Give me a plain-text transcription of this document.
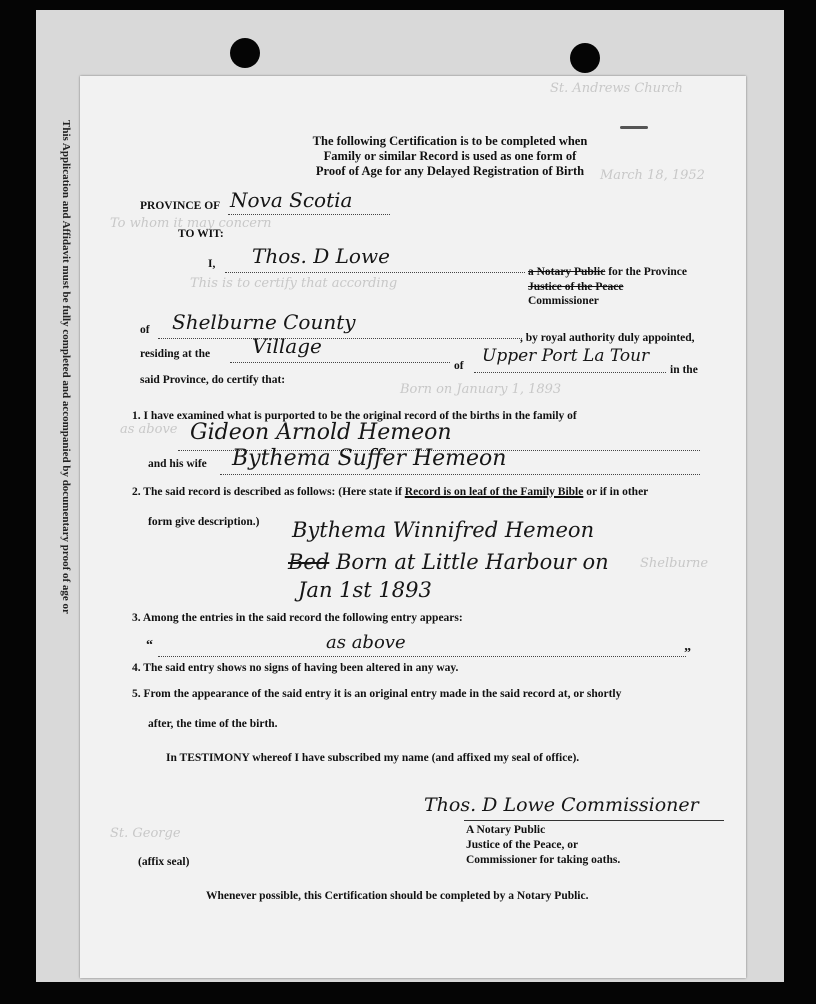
This Application and Affidavit must be fully completed and accompanied by documentary proof of age or
St. Andrews Church
March 18, 1952
To whom it may concern
This is to certify that according
Born on January 1, 1893
as above
St. George
Shelburne
The following Certification is to be completed when
Family or similar Record is used as one form of
Proof of Age for any Delayed Registration of Birth
PROVINCE OF Nova Scotia
TO WIT:
I, Thos. D Lowe
a Notary Public for the Province
Justice of the Peace
Commissioner
of Shelburne County
, by royal authority duly appointed,
residing at the Village
of Upper Port La Tour
in the
said Province, do certify that:
1. I have examined what is purported to be the original record of the births in the family of
Gideon Arnold Hemeon
and his wife Bythema Suffer Hemeon
2. The said record is described as follows: (Here state if Record is on leaf of the Family Bible or if in other
form give description.) Bythema Winnifred Hemeon
Bed Born at Little Harbour on
Jan 1st 1893
3. Among the entries in the said record the following entry appears:
“	as above
”
4. The said entry shows no signs of having been altered in any way.
5. From the appearance of the said entry it is an original entry made in the said record at, or shortly
after, the time of the birth.
In TESTIMONY whereof I have subscribed my name (and affixed my seal of office).
Thos. D Lowe Commissioner
A Notary Public
Justice of the Peace, or
Commissioner for taking oaths.
(affix seal)
Whenever possible, this Certification should be completed by a Notary Public.
